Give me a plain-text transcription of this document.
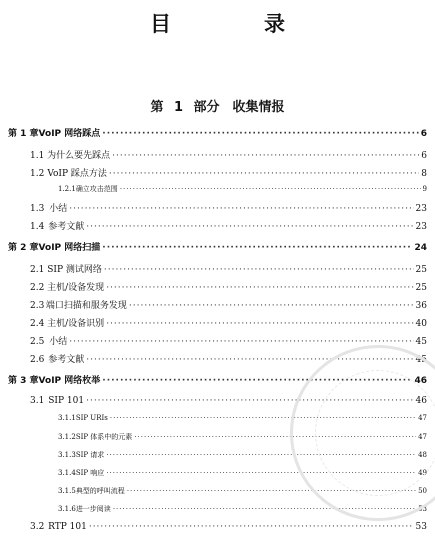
目　录
第 1 部分　收集情报
第 1 章 VoIP 网络踩点 ·····	6
1.1 为什么要先踩点 ·····	6
1.2 VoIP 踩点方法 ·····	8
1.2.1 确立攻击范围 ·····	9
1.3 小结 ·····	23
1.4 参考文献 ·····	23
第 2 章 VoIP 网络扫描 ·····	24
2.1 SIP 测试网络 ·····	25
2.2 主机/设备发现 ·····	25
2.3 端口扫描和服务发现 ·····	36
2.4 主机/设备识别 ·····	40
2.5 小结 ·····	45
2.6 参考文献 ·····	45
第 3 章 VoIP 网络枚举 ·····	46
3.1 SIP 101 ·····	46
3.1.1 SIP URIs ·····	47
3.1.2 SIP 体系中的元素 ·····	47
3.1.3 SIP 请求 ·····	48
3.1.4 SIP 响应 ·····	49
3.1.5 典型的呼叫流程 ·····	50
3.1.6 进一步阅读 ·····	53
3.2 RTP 101 ·····	53
